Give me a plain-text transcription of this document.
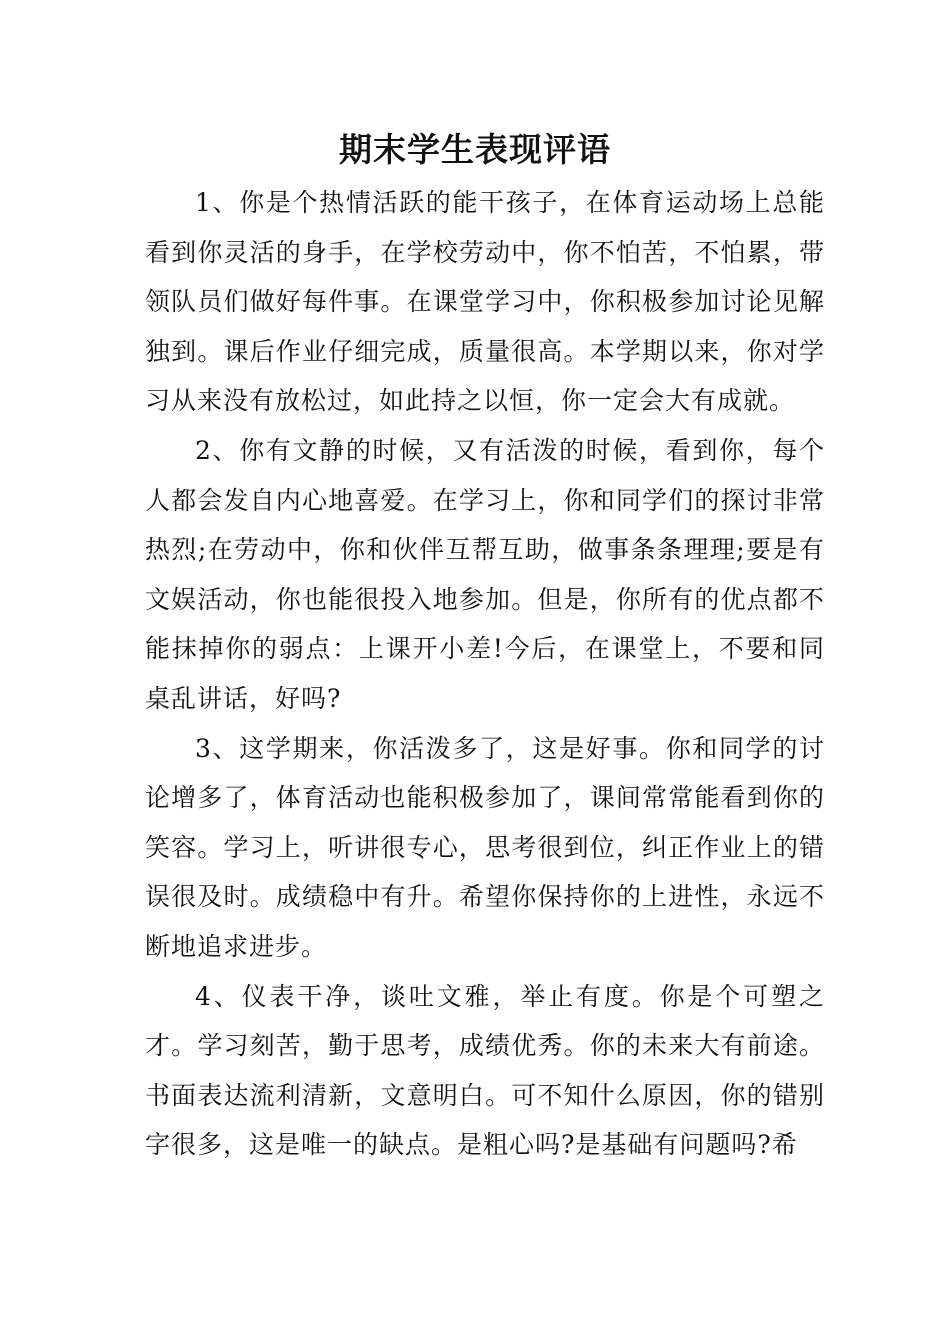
期末学生表现评语

1、你是个热情活跃的能干孩子，在体育运动场上总能看到你灵活的身手，在学校劳动中，你不怕苦，不怕累，带领队员们做好每件事。在课堂学习中，你积极参加讨论见解独到。课后作业仔细完成，质量很高。本学期以来，你对学习从来没有放松过，如此持之以恒，你一定会大有成就。

2、你有文静的时候，又有活泼的时候，看到你，每个人都会发自内心地喜爱。在学习上，你和同学们的探讨非常热烈;在劳动中，你和伙伴互帮互助，做事条条理理;要是有文娱活动，你也能很投入地参加。但是，你所有的优点都不能抹掉你的弱点：上课开小差!今后，在课堂上，不要和同桌乱讲话，好吗?

3、这学期来，你活泼多了，这是好事。你和同学的讨论增多了，体育活动也能积极参加了，课间常常能看到你的笑容。学习上，听讲很专心，思考很到位，纠正作业上的错误很及时。成绩稳中有升。希望你保持你的上进性，永远不断地追求进步。

4、仪表干净，谈吐文雅，举止有度。你是个可塑之才。学习刻苦，勤于思考，成绩优秀。你的未来大有前途。书面表达流利清新，文意明白。可不知什么原因，你的错别字很多，这是唯一的缺点。是粗心吗?是基础有问题吗?希
